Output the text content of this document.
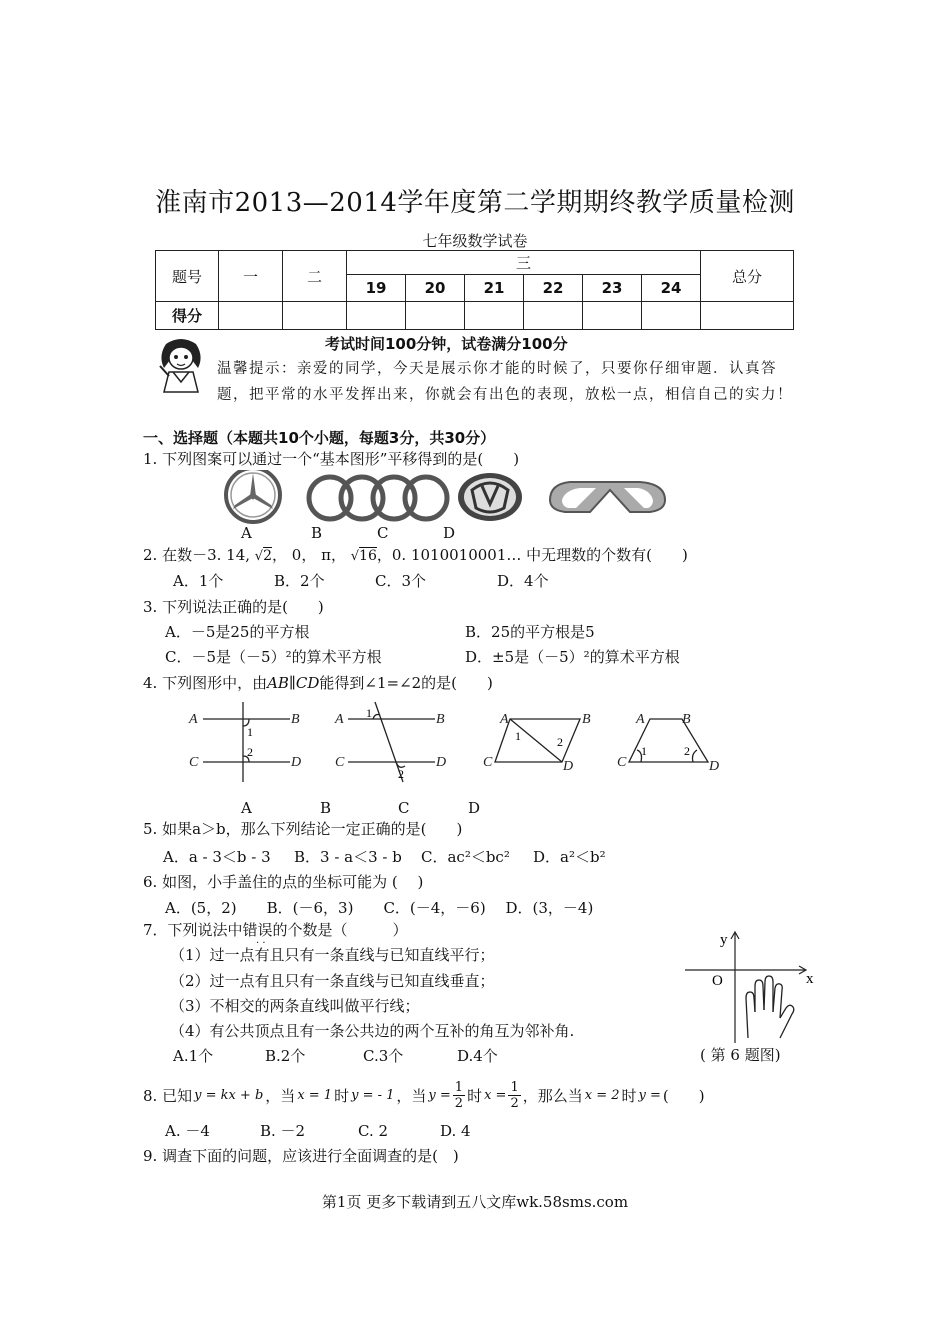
淮南市2013—2014学年度第二学期期终教学质量检测
七年级数学试卷
题号	一	二	三						总分
			19	20	21	22	23	24	
得分									
考试时间100分钟，试卷满分100分
温馨提示：亲爱的同学，今天是展示你才能的时候了，只要你仔细审题．认真答
题，把平常的水平发挥出来，你就会有出色的表现，放松一点，相信自己的实力！
一、选择题（本题共10个小题，每题3分，共30分）
1. 下列图案可以通过一个“基本图形”平移得到的是(　　)
A	B	C	D
2. 在数－3. 14, √2， 0， π， √16，0. 1010010001… 中无理数的个数有(　　)
A．1个	B．2个	C．3个	D．4个
3. 下列说法正确的是(　　)
A．－5是25的平方根	B．25的平方根是5
C．－5是（－5）²的算术平方根	D．±5是（－5）²的算术平方根
4. 下列图形中，由AB∥CD能得到∠1=∠2的是(　　)
A	B
C	D
1
2
A	B
C	D
1
2
A	B
C	D
1	2
A	B
C	D
1	2
A	B	C	D
5. 如果a＞b，那么下列结论一定正确的是(　　)
A．a - 3＜b - 3 B．3 - a＜3 - b C．ac²＜bc² D．a²＜b²
6. 如图，小手盖住的点的坐标可能为 (　 )
A．(5，2)　　B．(－6，3)　　C．(－4，－6)　 D．(3，－4)
y
x
O
( 第 6 题图)
7．下列说法中错误的个数是（　　　）
· ·
（1）过一点有且只有一条直线与已知直线平行；
（2）过一点有且只有一条直线与已知直线垂直；
（3）不相交的两条直线叫做平行线；
（4）有公共顶点且有一条公共边的两个互补的角互为邻补角.
A.1个	B.2个	C.3个	D.4个
8. 已知 y = kx + b ，当 x = 1 时 y = - 1 ，当 $y = \frac{1}{2}$ 时 $x = \frac{1}{2}$ ，那么当 x = 2 时 y = (　　)
A. －4	B. －2	C. 2	D. 4
9. 调查下面的问题，应该进行全面调查的是(　)
第1页 更多下载请到五八文库wk.58sms.com
